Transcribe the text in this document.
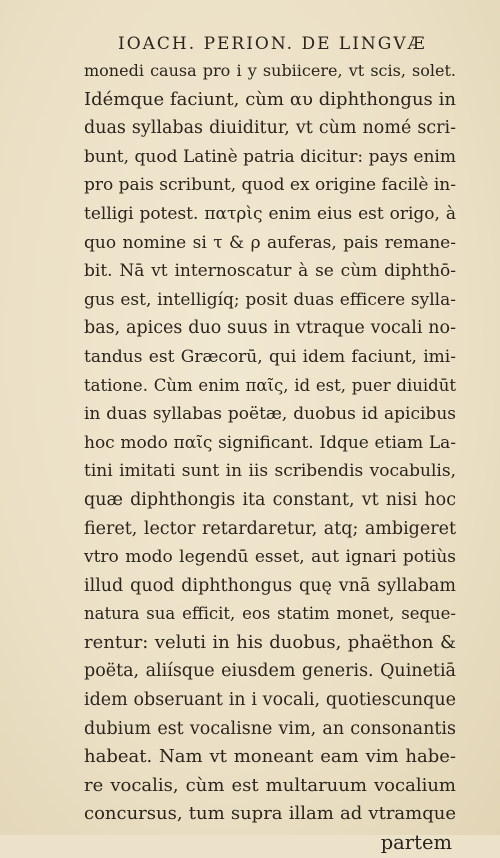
IOACH. PERION. DE LINGVÆ
monedi causa pro i y subiicere, vt scis, solet.
Idémque faciunt, cùm αυ diphthongus in
duas syllabas diuiditur, vt cùm nomé scri-
bunt, quod Latinè patria dicitur: pays enim
pro pais scribunt, quod ex origine facilè in-
telligi potest. πατρὶς enim eius est origo, à
quo nomine si τ & ρ auferas, pais remane-
bit. Nā vt internoscatur à se cùm diphthō-
gus est, intelligíq; posit duas efficere sylla-
bas, apices duo suus in vtraque vocali no-
tandus est Græcorū, qui idem faciunt, imi-
tatione. Cùm enim παῖς, id est, puer diuidūt
in duas syllabas poëtæ, duobus id apicibus
hoc modo παῖς significant. Idque etiam La-
tini imitati sunt in iis scribendis vocabulis,
quæ diphthongis ita constant, vt nisi hoc
fieret, lector retardaretur, atq; ambigeret
vtro modo legendū esset, aut ignari potiùs
illud quod diphthongus quę vnā syllabam
natura sua efficit, eos statim monet, seque-
rentur: veluti in his duobus, phaëthon &
poëta, aliísque eiusdem generis. Quinetiā
idem obseruant in i vocali, quotiescunque
dubium est vocalisne vim, an consonantis
habeat. Nam vt moneant eam vim habe-
re vocalis, cùm est multaruum vocalium
concursus, tum supra illam ad vtramque
partem
